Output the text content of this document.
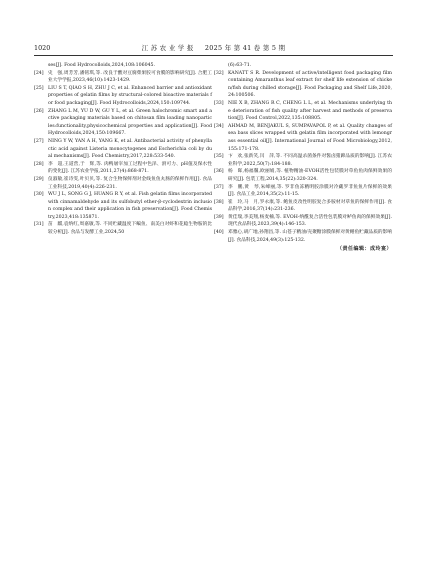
1020	江 苏 农 业 学 报 　 2025 年 第 41 卷 第 5 期
ses[J]. Food Hydrocolloids,2024,108:106045.
[24] 史　强,周芳芳,潘铭琪,等. 改良于酸对豆腐柴果胶可食膜的影响研究[J]. 合肥工业大学学报,2023,46(10):1423-1429.
[25] LIU S T, QIAO S H, ZHU J C, et al. Enhanced barrier and antioxidant properties of gelatin films by structural-colored bioactive materials for food packaging[J]. Food Hydrocolloids,2024,150:109744.
[26] ZHANG L M, YU D W, GU Y L, et al. Green halochromic smart and active packaging materials based on chitosan film loading nanoparticles:functionality,physicochemical properties and application[J]. Food Hydrocolloids,2024,150:109667.
[27] NING Y W, YAN A H, YANG K, et al. Antibacterial activity of phenyllactic acid against Listeria monocytogenes and Escherichia coli by dual mechanisms[J]. Food Chemistry,2017,228:533-540.
[28] 李　超,王道营,于　辉,等. 肉鸭屠宰加工过程中色泽、滑可力、pH值及保水性的变化[J]. 江苏农业学报,2011,27(4):868-871.
[29] 仪淑敏,崔诗雯,叶贝贝,等. 复合生物保鲜剂对金线鱼鱼丸肠的保鲜作用[J]. 食品工业科技,2019,40(4):226-231.
[30] WU J L, SONG G J, HUANG R Y, et al. Fish gelatin films incorporated with cinnamaldehyde and its sulfobutyl ether-β-cyclodextrin inclusion complex and their application in fish preservation[J]. Food Chemistry,2023,418:135871.
[31] 苗　麒,袁纳红,周嘉敏,等. 不同贮藏温度下鳊鱼、南美白对虾和花鲶生物胺的比较分析[J]. 食品与发酵工业,2024,50
(6):63-71.
[32] KANATT S R. Development of active/intelligent food packaging film containing Amaranthus leaf extract for shelf life extension of chicken/fish during chilled storage[J]. Food Packaging and Shelf Life,2020,24:100506.
[33] NIE X B, ZHANG R C, CHENG L L, et al. Mechanisms underlying the deterioration of fish quality after harvest and methods of preservation[J]. Food Control,2022,135:108805.
[34] AHMAD M, BENJAKUL S, SUMPAVAPOL P, et al. Quality changes of sea bass slices wrapped with gelatin film incorporated with lemongrass essential oil[J]. International Journal of Food Microbiology,2012,155:171-178.
[35] 卞　欢,张新笑,闫　萍,等. 不同高温杀菌条件对酱卤猪蹄品质的影响[J]. 江苏农业科学,2022,50(7):184-188.
[36] 杨　晖,杨福馨,欧丽娟,等. 植物精油-EVOH活性包装膜对草鱼鱼肉保鲜效果的研究[J]. 包装工程,2014,35(22):320-324.
[37] 李　鹏,黄　琴,朱峰丽,等. 罗非鱼冻精明胶涂膜对冷藏罗非鱼鱼片保鲜的效果[J]. 食品工业,2014,35(2):11-15.
[38] 崔　玲,马　月,罗永康,等. 鲍鱼皮改性明胶复合多胺材对草鱼的保鲜作用[J]. 食品科学,2016,37(14):231-236.
[39] 黄佳瑞,李美翔,杨麦楠,等. EVOH-纳酰复合活性包装膜对鲈鱼肉的保鲜效果[J]. 现代食品科技,2023,39(4):146-153.
[40] 邓雅心,胡广地,孙翔昌,等. 山苍子精油/壳聚糖涂膜保鲜对黄鳝鱼贮藏品质的影响[J]. 食品科技,2024,49(3):125-132.
（责任编辑：成玲宴）
